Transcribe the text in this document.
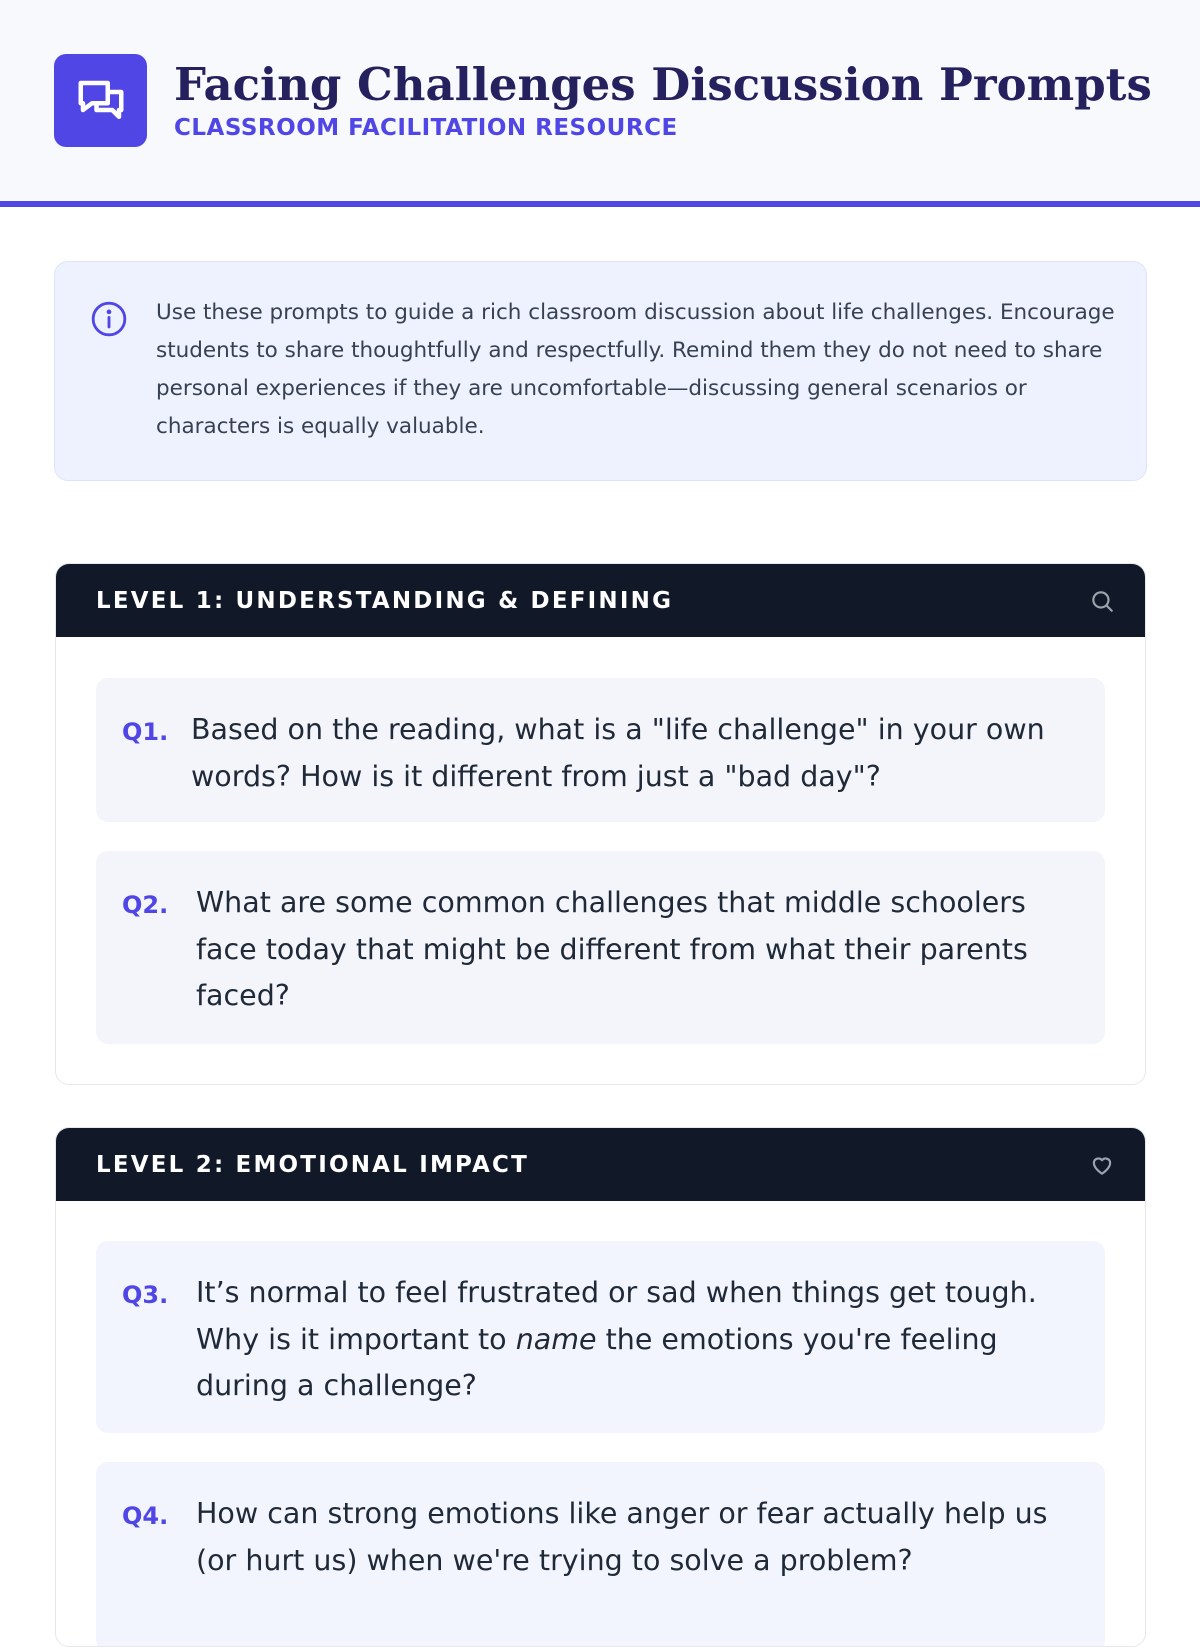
Facing Challenges Discussion Prompts
CLASSROOM FACILITATION RESOURCE

Use these prompts to guide a rich classroom discussion about life challenges. Encourage students to share thoughtfully and respectfully. Remind them they do not need to share personal experiences if they are uncomfortable—discussing general scenarios or characters is equally valuable.

LEVEL 1: UNDERSTANDING & DEFINING
Q1. Based on the reading, what is a "life challenge" in your own words? How is it different from just a "bad day"?

Q2. What are some common challenges that middle schoolers face today that might be different from what their parents faced?

LEVEL 2: EMOTIONAL IMPACT
Q3. It’s normal to feel frustrated or sad when things get tough. Why is it important to name the emotions you're feeling during a challenge?

Q4. How can strong emotions like anger or fear actually help us (or hurt us) when we're trying to solve a problem?
